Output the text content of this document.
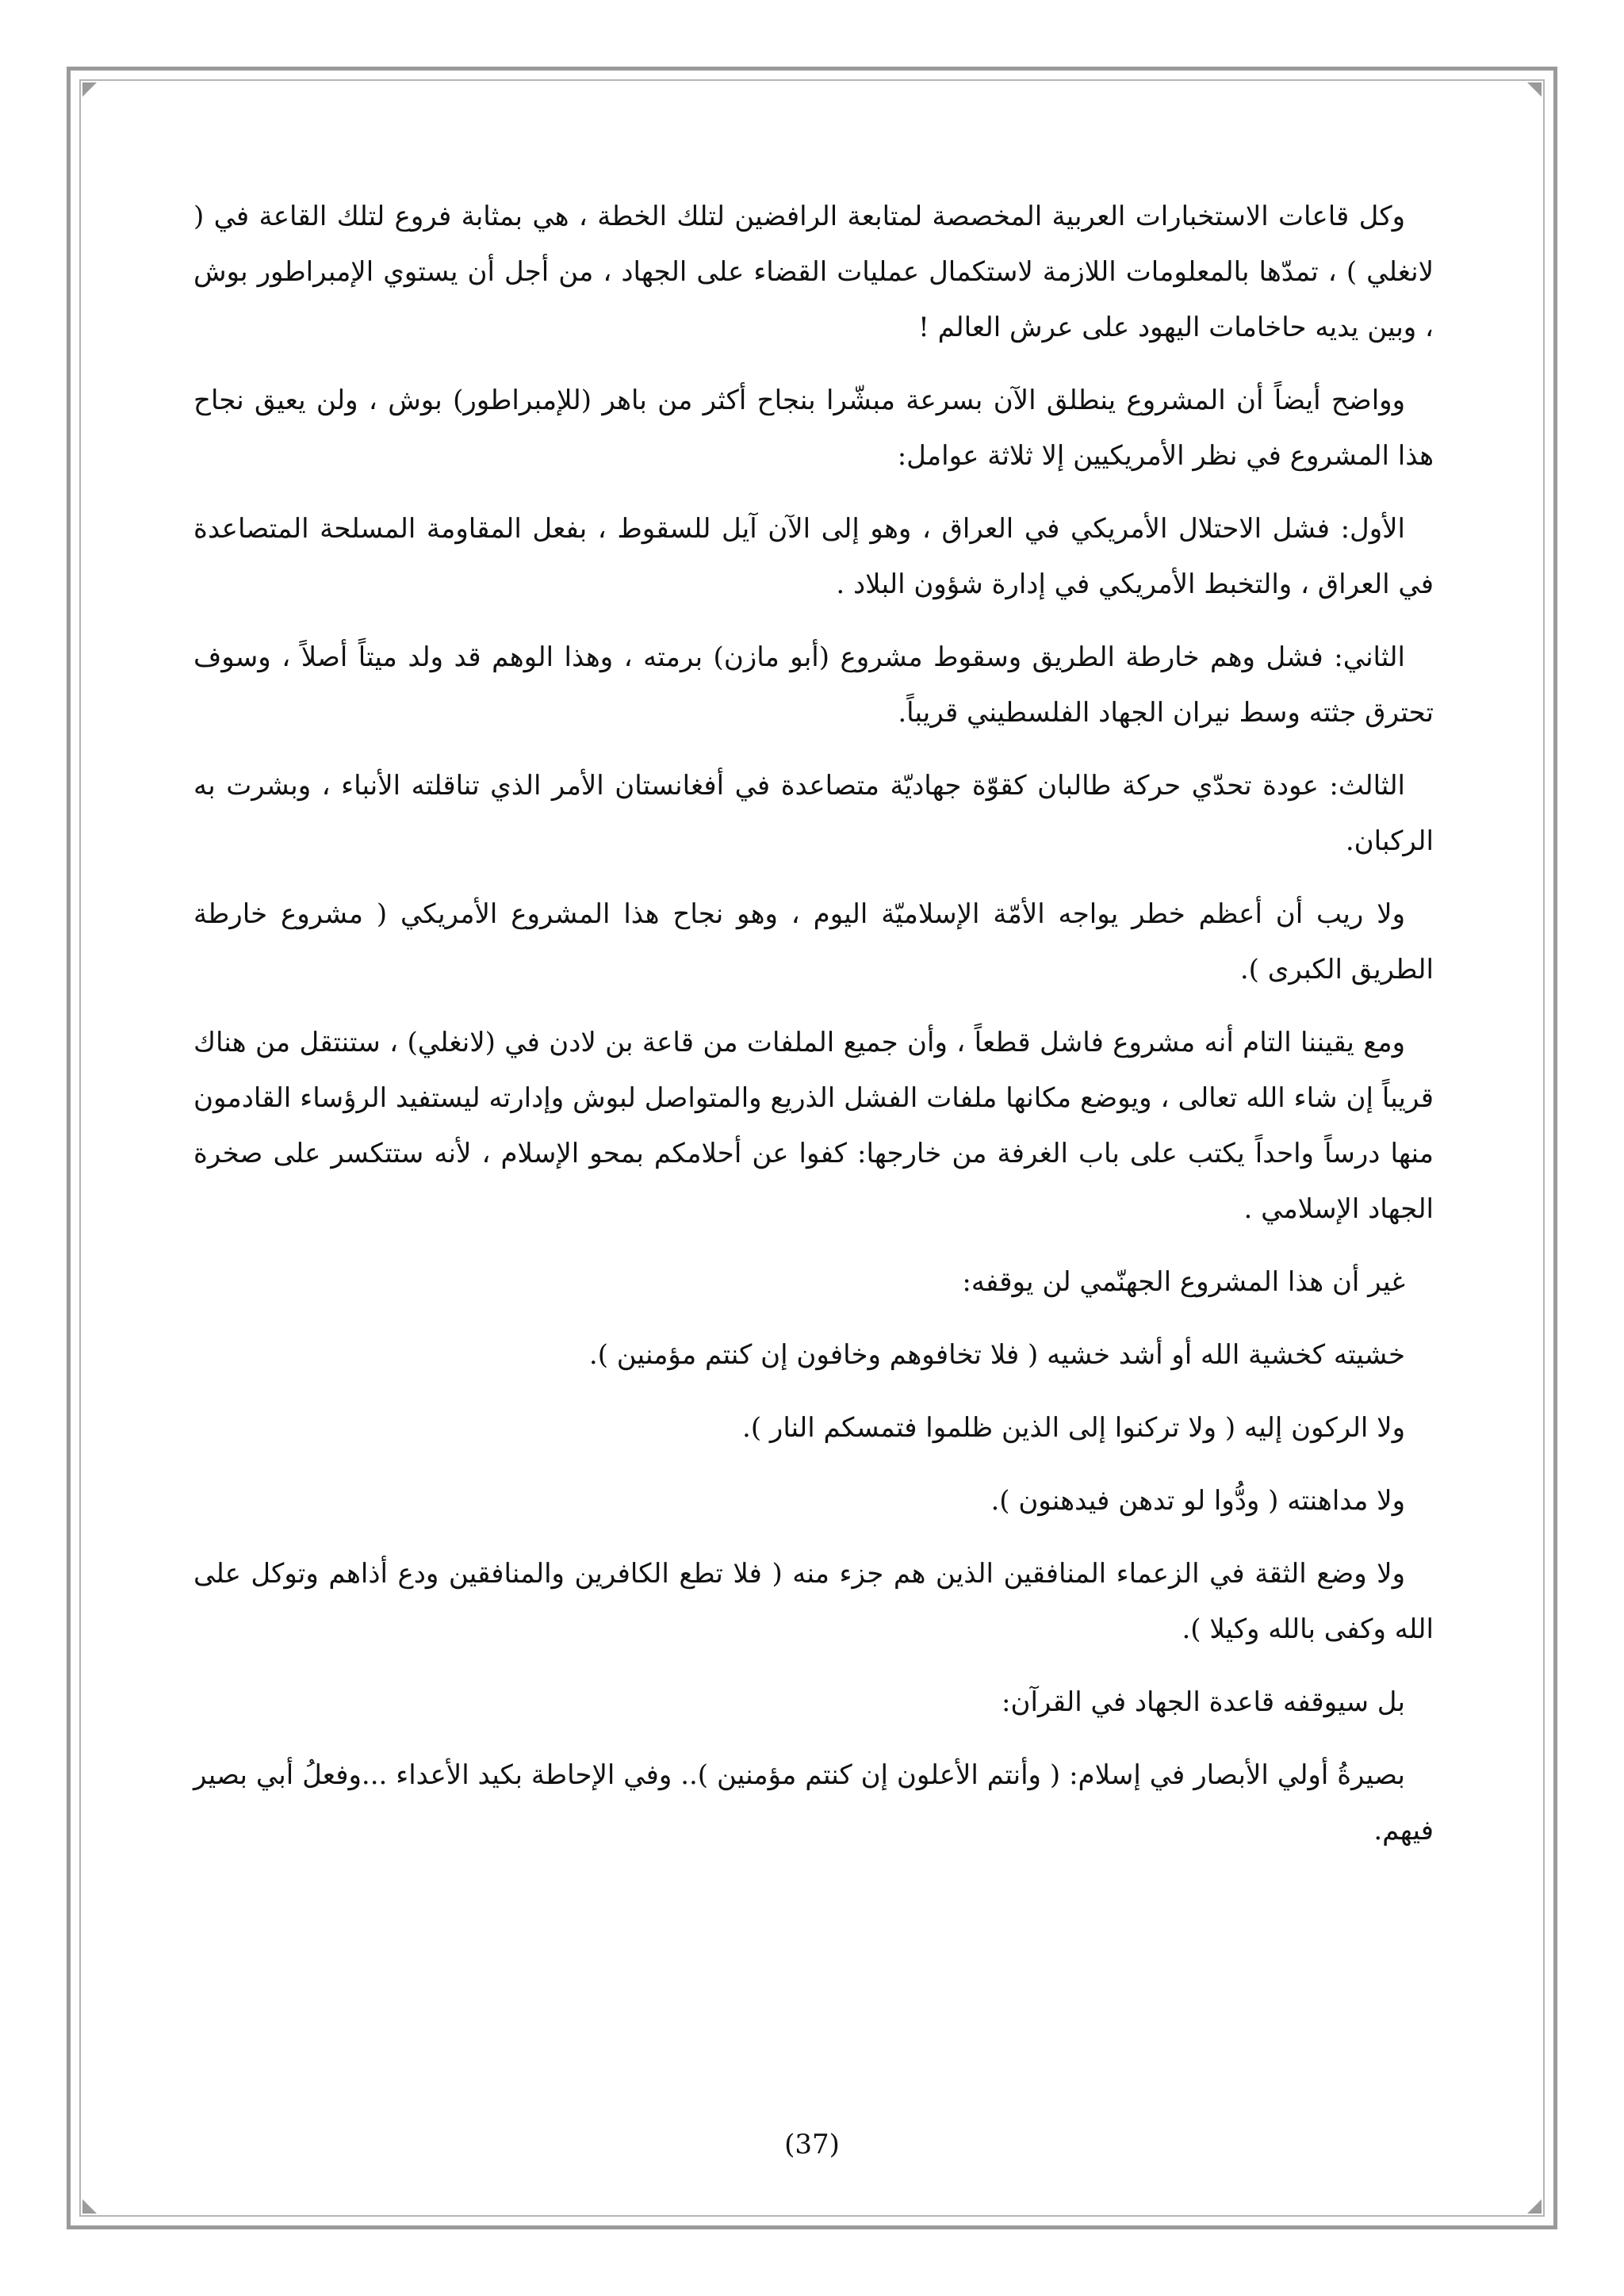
وكل قاعات الاستخبارات العربية المخصصة لمتابعة الرافضين لتلك الخطة ، هي بمثابة فروع لتلك القاعة في ( لانغلي ) ، تمدّها بالمعلومات اللازمة لاستكمال عمليات القضاء على الجهاد ، من أجل أن يستوي الإمبراطور بوش ، وبين يديه حاخامات اليهود على عرش العالم !

وواضح أيضاً أن المشروع ينطلق الآن بسرعة مبشّرا بنجاح أكثر من باهر (للإمبراطور) بوش ، ولن يعيق نجاح هذا المشروع في نظر الأمريكيين إلا ثلاثة عوامل:

الأول: فشل الاحتلال الأمريكي في العراق ، وهو إلى الآن آيل للسقوط ، بفعل المقاومة المسلحة المتصاعدة في العراق ، والتخبط الأمريكي في إدارة شؤون البلاد .

الثاني: فشل وهم خارطة الطريق وسقوط مشروع (أبو مازن) برمته ، وهذا الوهم قد ولد ميتاً أصلاً ، وسوف تحترق جثته وسط نيران الجهاد الفلسطيني قريباً.

الثالث: عودة تحدّي حركة طالبان كقوّة جهاديّة متصاعدة في أفغانستان الأمر الذي تناقلته الأنباء ، وبشرت به الركبان.

ولا ريب أن أعظم خطر يواجه الأمّة الإسلاميّة اليوم ، وهو نجاح هذا المشروع الأمريكي ( مشروع خارطة الطريق الكبرى ).

ومع يقيننا التام أنه مشروع فاشل قطعاً ، وأن جميع الملفات من قاعة بن لادن في (لانغلي) ، ستنتقل من هناك قريباً إن شاء الله تعالى ، ويوضع مكانها ملفات الفشل الذريع والمتواصل لبوش وإدارته ليستفيد الرؤساء القادمون منها درساً واحداً يكتب على باب الغرفة من خارجها: كفوا عن أحلامكم بمحو الإسلام ، لأنه ستتكسر على صخرة الجهاد الإسلامي .

غير أن هذا المشروع الجهنّمي لن يوقفه:

خشيته كخشية الله أو أشد خشيه ( فلا تخافوهم وخافون إن كنتم مؤمنين ).

ولا الركون إليه ( ولا تركنوا إلى الذين ظلموا فتمسكم النار ).

ولا مداهنته ( ودُّوا لو تدهن فيدهنون ).

ولا وضع الثقة في الزعماء المنافقين الذين هم جزء منه ( فلا تطع الكافرين والمنافقين ودع أذاهم وتوكل على الله وكفى بالله وكيلا ).

بل سيوقفه قاعدة الجهاد في القرآن:

بصيرةُ أولي الأبصار في إسلام: ( وأنتم الأعلون إن كنتم مؤمنين ).. وفي الإحاطة بكيد الأعداء ...وفعلُ أبي بصير فيهم.

(37)
